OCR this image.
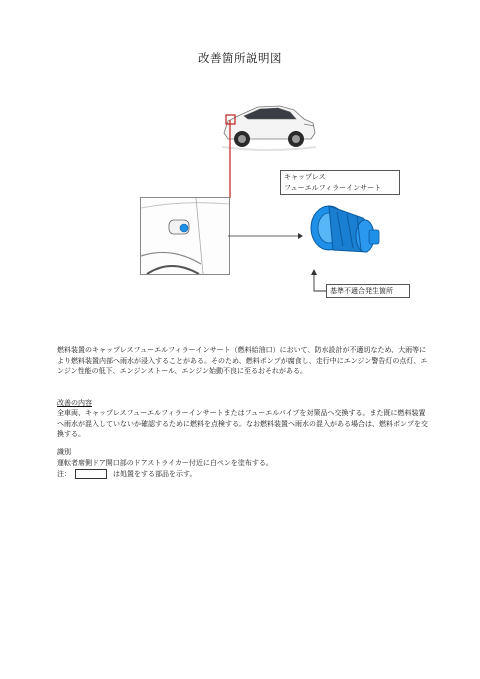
改善箇所説明図
キャップレス
フューエルフィラーインサート
基準不適合発生箇所
燃料装置のキャップレスフューエルフィラーインサート（燃料給油口）において、防水設計が不適切なため、大雨等により燃料装置内部へ雨水が浸入することがある。そのため、燃料ポンプが腐食し、走行中にエンジン警告灯の点灯、エンジン性能の低下、エンジンストール、エンジン始動不良に至るおそれがある。
改善の内容
全車両、キャップレスフューエルフィラーインサートまたはフューエルパイプを対策品へ交換する。また既に燃料装置へ雨水が混入していないか確認するために燃料を点検する。なお燃料装置へ雨水の混入がある場合は、燃料ポンプを交換する。
識別
運転者席側ドア開口部のドアストライカー付近に白ペンを塗布する。
注：	は処置をする部品を示す。
